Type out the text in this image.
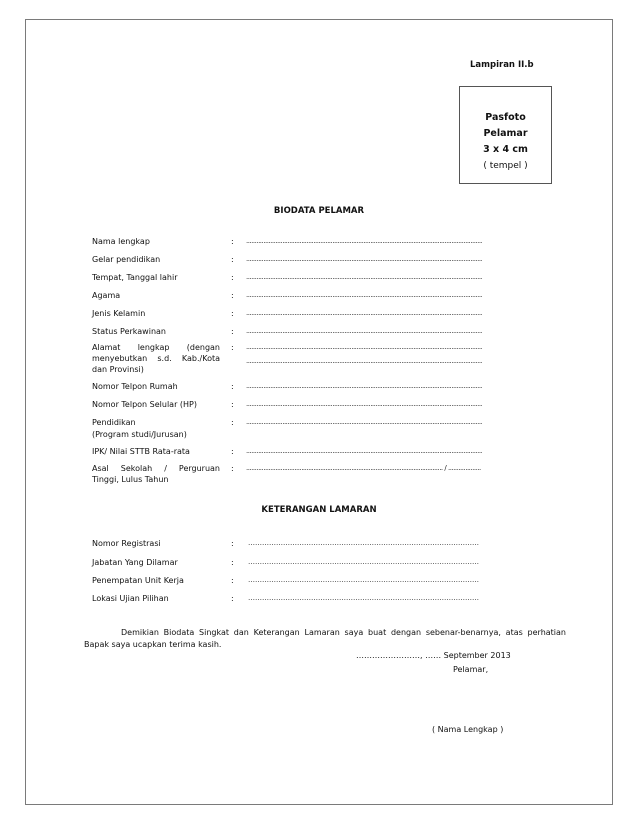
Lampiran II.b
Pasfoto
Pelamar
3 x 4 cm
( tempel )
BIODATA PELAMAR
Nama lengkap	: .........................................................................................................................................
Gelar pendidikan	: .........................................................................................................................................
Tempat, Tanggal lahir	: .........................................................................................................................................
Agama	: .........................................................................................................................................
Jenis Kelamin	: .........................................................................................................................................
Status Perkawinan	: .........................................................................................................................................
Alamat lengkap (dengan
menyebutkan s.d. Kab./Kota
dan Provinsi)
: .........................................................................................................................................
.........................................................................................................................................
Nomor Telpon Rumah	: .........................................................................................................................................
Nomor Telpon Selular (HP)	: .........................................................................................................................................
Pendidikan
(Program studi/Jurusan)
: .........................................................................................................................................
IPK/ Nilai STTB Rata-rata	: .........................................................................................................................................
Asal Sekolah / Perguruan
Tinggi, Lulus Tahun
: .................................................................................................................. / ...................
KETERANGAN LAMARAN
Nomor Registrasi	: ………………………………………………………………………………………
Jabatan Yang Dilamar	: ………………………………………………………………………………………
Penempatan Unit Kerja	: ………………………………………………………………………………………
Lokasi Ujian Pilihan	: ………………………………………………………………………………………
Demikian Biodata Singkat dan Keterangan Lamaran saya buat dengan sebenar-benarnya, atas perhatian Bapak saya ucapkan terima kasih.
……………………, …… September 2013
Pelamar,
( Nama Lengkap )
